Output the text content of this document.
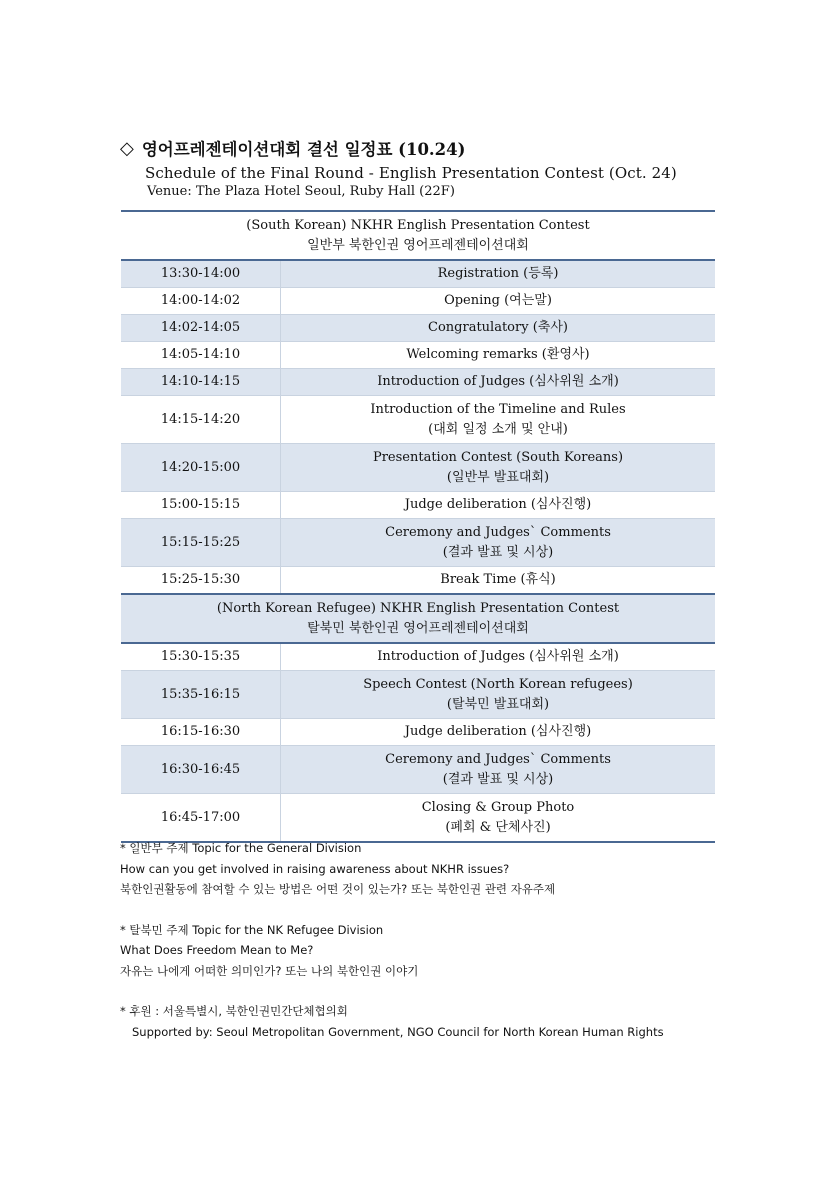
◇ 영어프레젠테이션대회 결선 일정표 (10.24)
Schedule of the Final Round - English Presentation Contest (Oct. 24)
Venue: The Plaza Hotel Seoul, Ruby Hall (22F)
(South Korean) NKHR English Presentation Contest
일반부 북한인권 영어프레젠테이션대회	

13:30-14:00	Registration (등록)

14:00-14:02	Opening (여는말)

14:02-14:05	Congratulatory (축사)

14:05-14:10	Welcoming remarks (환영사)

14:10-14:15	Introduction of Judges (심사위원 소개)

14:15-14:20	Introduction of the Timeline and Rules
(대회 일정 소개 및 안내)

14:20-15:00	Presentation Contest (South Koreans)
(일반부 발표대회)

15:00-15:15	Judge deliberation (심사진행)

15:15-15:25	Ceremony and Judges` Comments
(결과 발표 및 시상)

15:25-15:30	Break Time (휴식)

(North Korean Refugee) NKHR English Presentation Contest
탈북민 북한인권 영어프레젠테이션대회	

15:30-15:35	Introduction of Judges (심사위원 소개)

15:35-16:15	Speech Contest (North Korean refugees)
(탈북민 발표대회)

16:15-16:30	Judge deliberation (심사진행)

16:30-16:45	Ceremony and Judges` Comments
(결과 발표 및 시상)

16:45-17:00	Closing & Group Photo
(폐회 & 단체사진)
* 일반부 주제 Topic for the General Division
How can you get involved in raising awareness about NKHR issues?
북한인권활동에 참여할 수 있는 방법은 어떤 것이 있는가? 또는 북한인권 관련 자유주제
* 탈북민 주제 Topic for the NK Refugee Division
What Does Freedom Mean to Me?
자유는 나에게 어떠한 의미인가? 또는 나의 북한인권 이야기
* 후원 : 서울특별시, 북한인권민간단체협의회
Supported by: Seoul Metropolitan Government, NGO Council for North Korean Human Rights
